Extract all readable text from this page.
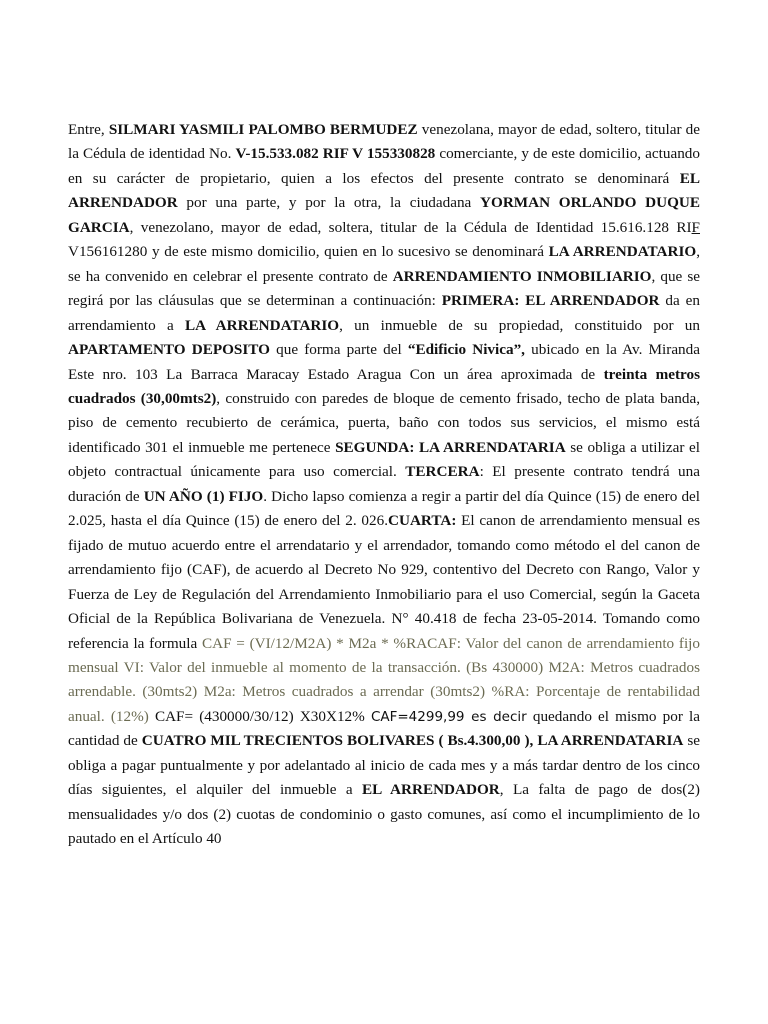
Entre, SILMARI YASMILI PALOMBO BERMUDEZ venezolana, mayor de edad, soltero, titular de la Cédula de identidad No. V-15.533.082 RIF V 155330828 comerciante, y de este domicilio, actuando en su carácter de propietario, quien a los efectos del presente contrato se denominará EL ARRENDADOR por una parte, y por la otra, la ciudadana YORMAN ORLANDO DUQUE GARCIA, venezolano, mayor de edad, soltera, titular de la Cédula de Identidad 15.616.128 RIF V156161280 y de este mismo domicilio, quien en lo sucesivo se denominará LA ARRENDATARIO, se ha convenido en celebrar el presente contrato de ARRENDAMIENTO INMOBILIARIO, que se regirá por las cláusulas que se determinan a continuación: PRIMERA: EL ARRENDADOR da en arrendamiento a LA ARRENDATARIO, un inmueble de su propiedad, constituido por un APARTAMENTO DEPOSITO que forma parte del “Edificio Nivica”, ubicado en la Av. Miranda Este nro. 103 La Barraca Maracay Estado Aragua Con un área aproximada de treinta metros cuadrados (30,00mts2), construido con paredes de bloque de cemento frisado, techo de plata banda, piso de cemento recubierto de cerámica, puerta, baño con todos sus servicios, el mismo está identificado 301 el inmueble me pertenece SEGUNDA: LA ARRENDATARIA se obliga a utilizar el objeto contractual únicamente para uso comercial. TERCERA: El presente contrato tendrá una duración de UN AÑO (1) FIJO. Dicho lapso comienza a regir a partir del día Quince (15) de enero del 2.025, hasta el día Quince (15) de enero del 2. 026.CUARTA: El canon de arrendamiento mensual es fijado de mutuo acuerdo entre el arrendatario y el arrendador, tomando como método el del canon de arrendamiento fijo (CAF), de acuerdo al Decreto No 929, contentivo del Decreto con Rango, Valor y Fuerza de Ley de Regulación del Arrendamiento Inmobiliario para el uso Comercial, según la Gaceta Oficial de la República Bolivariana de Venezuela. N° 40.418 de fecha 23-05-2014. Tomando como referencia la formula CAF = (VI/12/M2A) * M2a * %RACAF: Valor del canon de arrendamiento fijo mensual VI: Valor del inmueble al momento de la transacción. (Bs 430000) M2A: Metros cuadrados arrendable. (30mts2) M2a: Metros cuadrados a arrendar (30mts2) %RA: Porcentaje de rentabilidad anual. (12%) CAF= (430000/30/12) X30X12% CAF=4299,99 es decir quedando el mismo por la cantidad de CUATRO MIL TRECIENTOS BOLIVARES ( Bs.4.300,00 ), LA ARRENDATARIA se obliga a pagar puntualmente y por adelantado al inicio de cada mes y a más tardar dentro de los cinco días siguientes, el alquiler del inmueble a EL ARRENDADOR, La falta de pago de dos(2) mensualidades y/o dos (2) cuotas de condominio o gasto comunes, así como el incumplimiento de lo pautado en el Artículo 40
